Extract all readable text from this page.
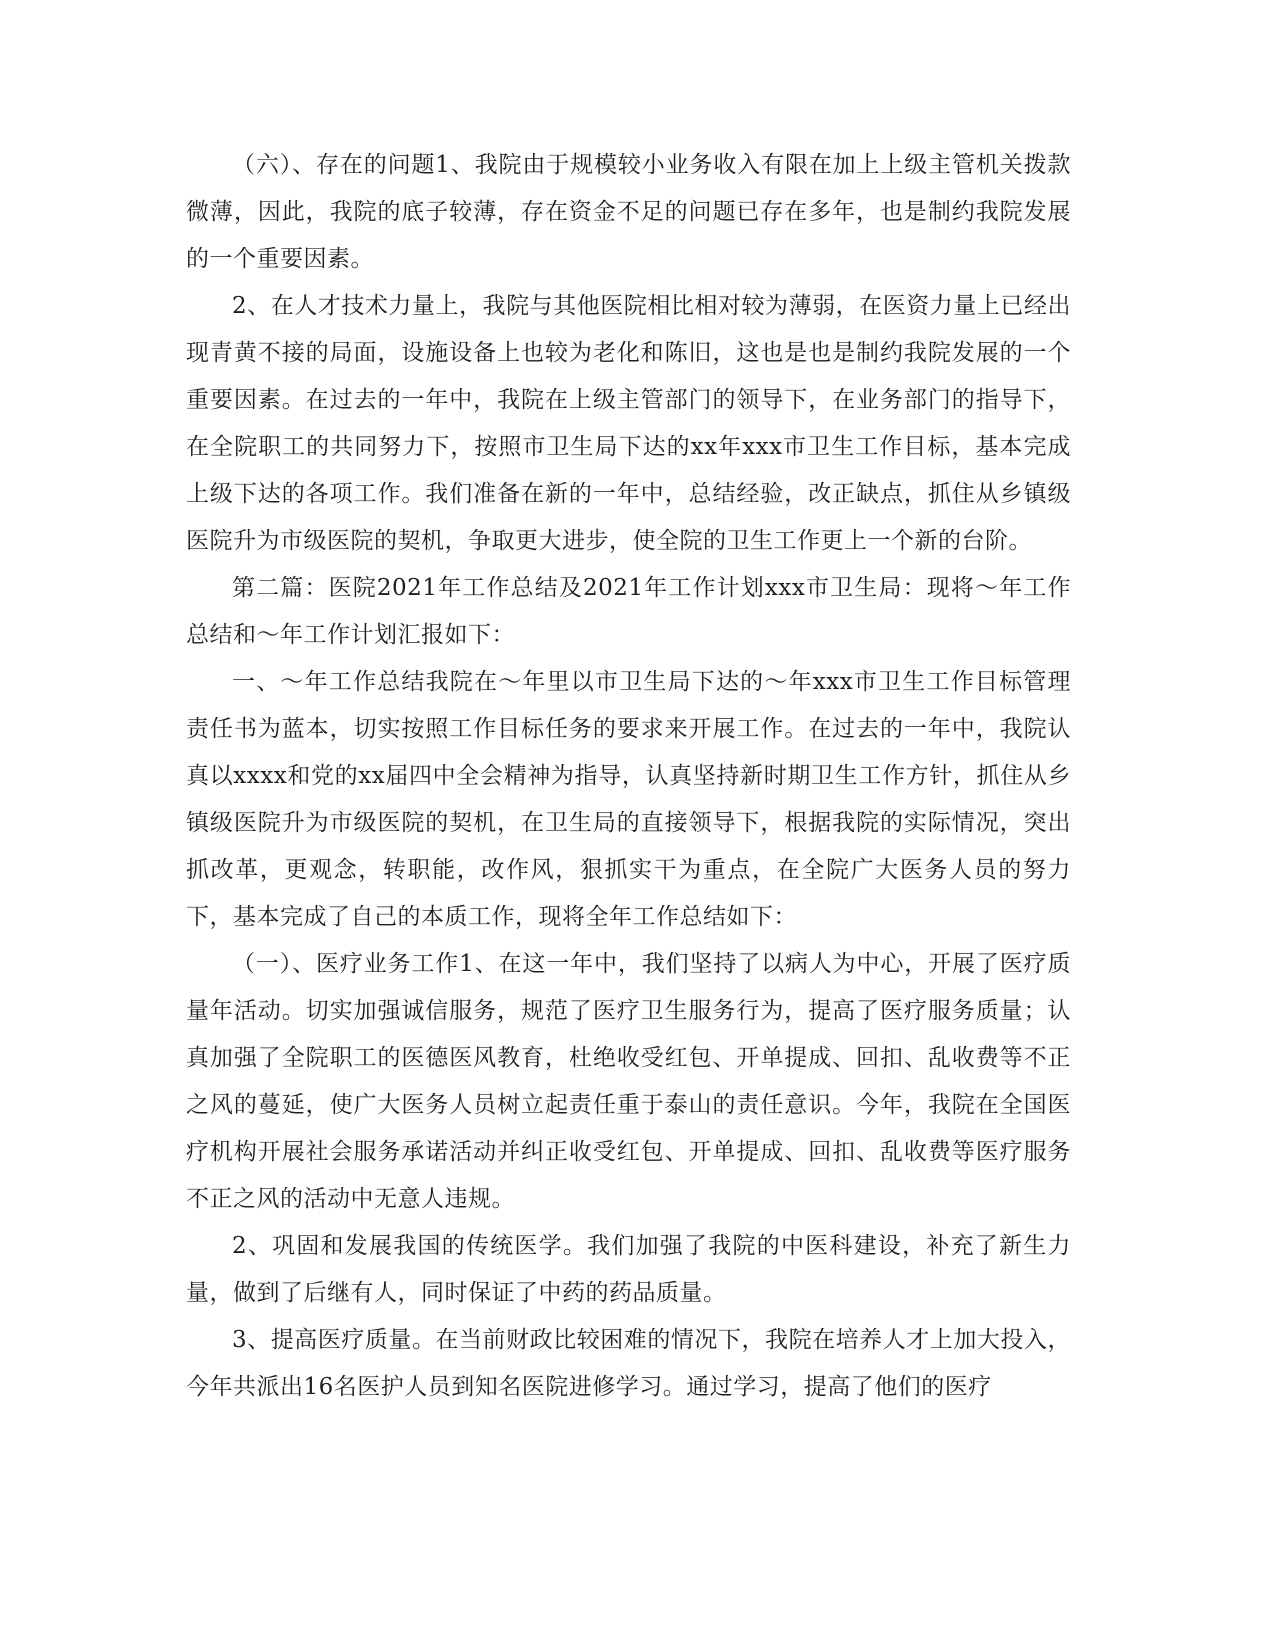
（六）、存在的问题1、我院由于规模较小业务收入有限在加上上级主管机关拨款微薄，因此，我院的底子较薄，存在资金不足的问题已存在多年，也是制约我院发展的一个重要因素。

2、在人才技术力量上，我院与其他医院相比相对较为薄弱，在医资力量上已经出现青黄不接的局面，设施设备上也较为老化和陈旧，这也是也是制约我院发展的一个重要因素。在过去的一年中，我院在上级主管部门的领导下，在业务部门的指导下，在全院职工的共同努力下，按照市卫生局下达的xx年xxx市卫生工作目标，基本完成上级下达的各项工作。我们准备在新的一年中，总结经验，改正缺点，抓住从乡镇级医院升为市级医院的契机，争取更大进步，使全院的卫生工作更上一个新的台阶。

第二篇：医院2021年工作总结及2021年工作计划xxx市卫生局：现将～年工作总结和～年工作计划汇报如下：

一、～年工作总结我院在～年里以市卫生局下达的～年xxx市卫生工作目标管理责任书为蓝本，切实按照工作目标任务的要求来开展工作。在过去的一年中，我院认真以xxxx和党的xx届四中全会精神为指导，认真坚持新时期卫生工作方针，抓住从乡镇级医院升为市级医院的契机，在卫生局的直接领导下，根据我院的实际情况，突出抓改革，更观念，转职能，改作风，狠抓实干为重点，在全院广大医务人员的努力下，基本完成了自己的本质工作，现将全年工作总结如下：

（一）、医疗业务工作1、在这一年中，我们坚持了以病人为中心，开展了医疗质量年活动。切实加强诚信服务，规范了医疗卫生服务行为，提高了医疗服务质量；认真加强了全院职工的医德医风教育，杜绝收受红包、开单提成、回扣、乱收费等不正之风的蔓延，使广大医务人员树立起责任重于泰山的责任意识。今年，我院在全国医疗机构开展社会服务承诺活动并纠正收受红包、开单提成、回扣、乱收费等医疗服务不正之风的活动中无意人违规。

2、巩固和发展我国的传统医学。我们加强了我院的中医科建设，补充了新生力量，做到了后继有人，同时保证了中药的药品质量。

3、提高医疗质量。在当前财政比较困难的情况下，我院在培养人才上加大投入，今年共派出16名医护人员到知名医院进修学习。通过学习，提高了他们的医疗
